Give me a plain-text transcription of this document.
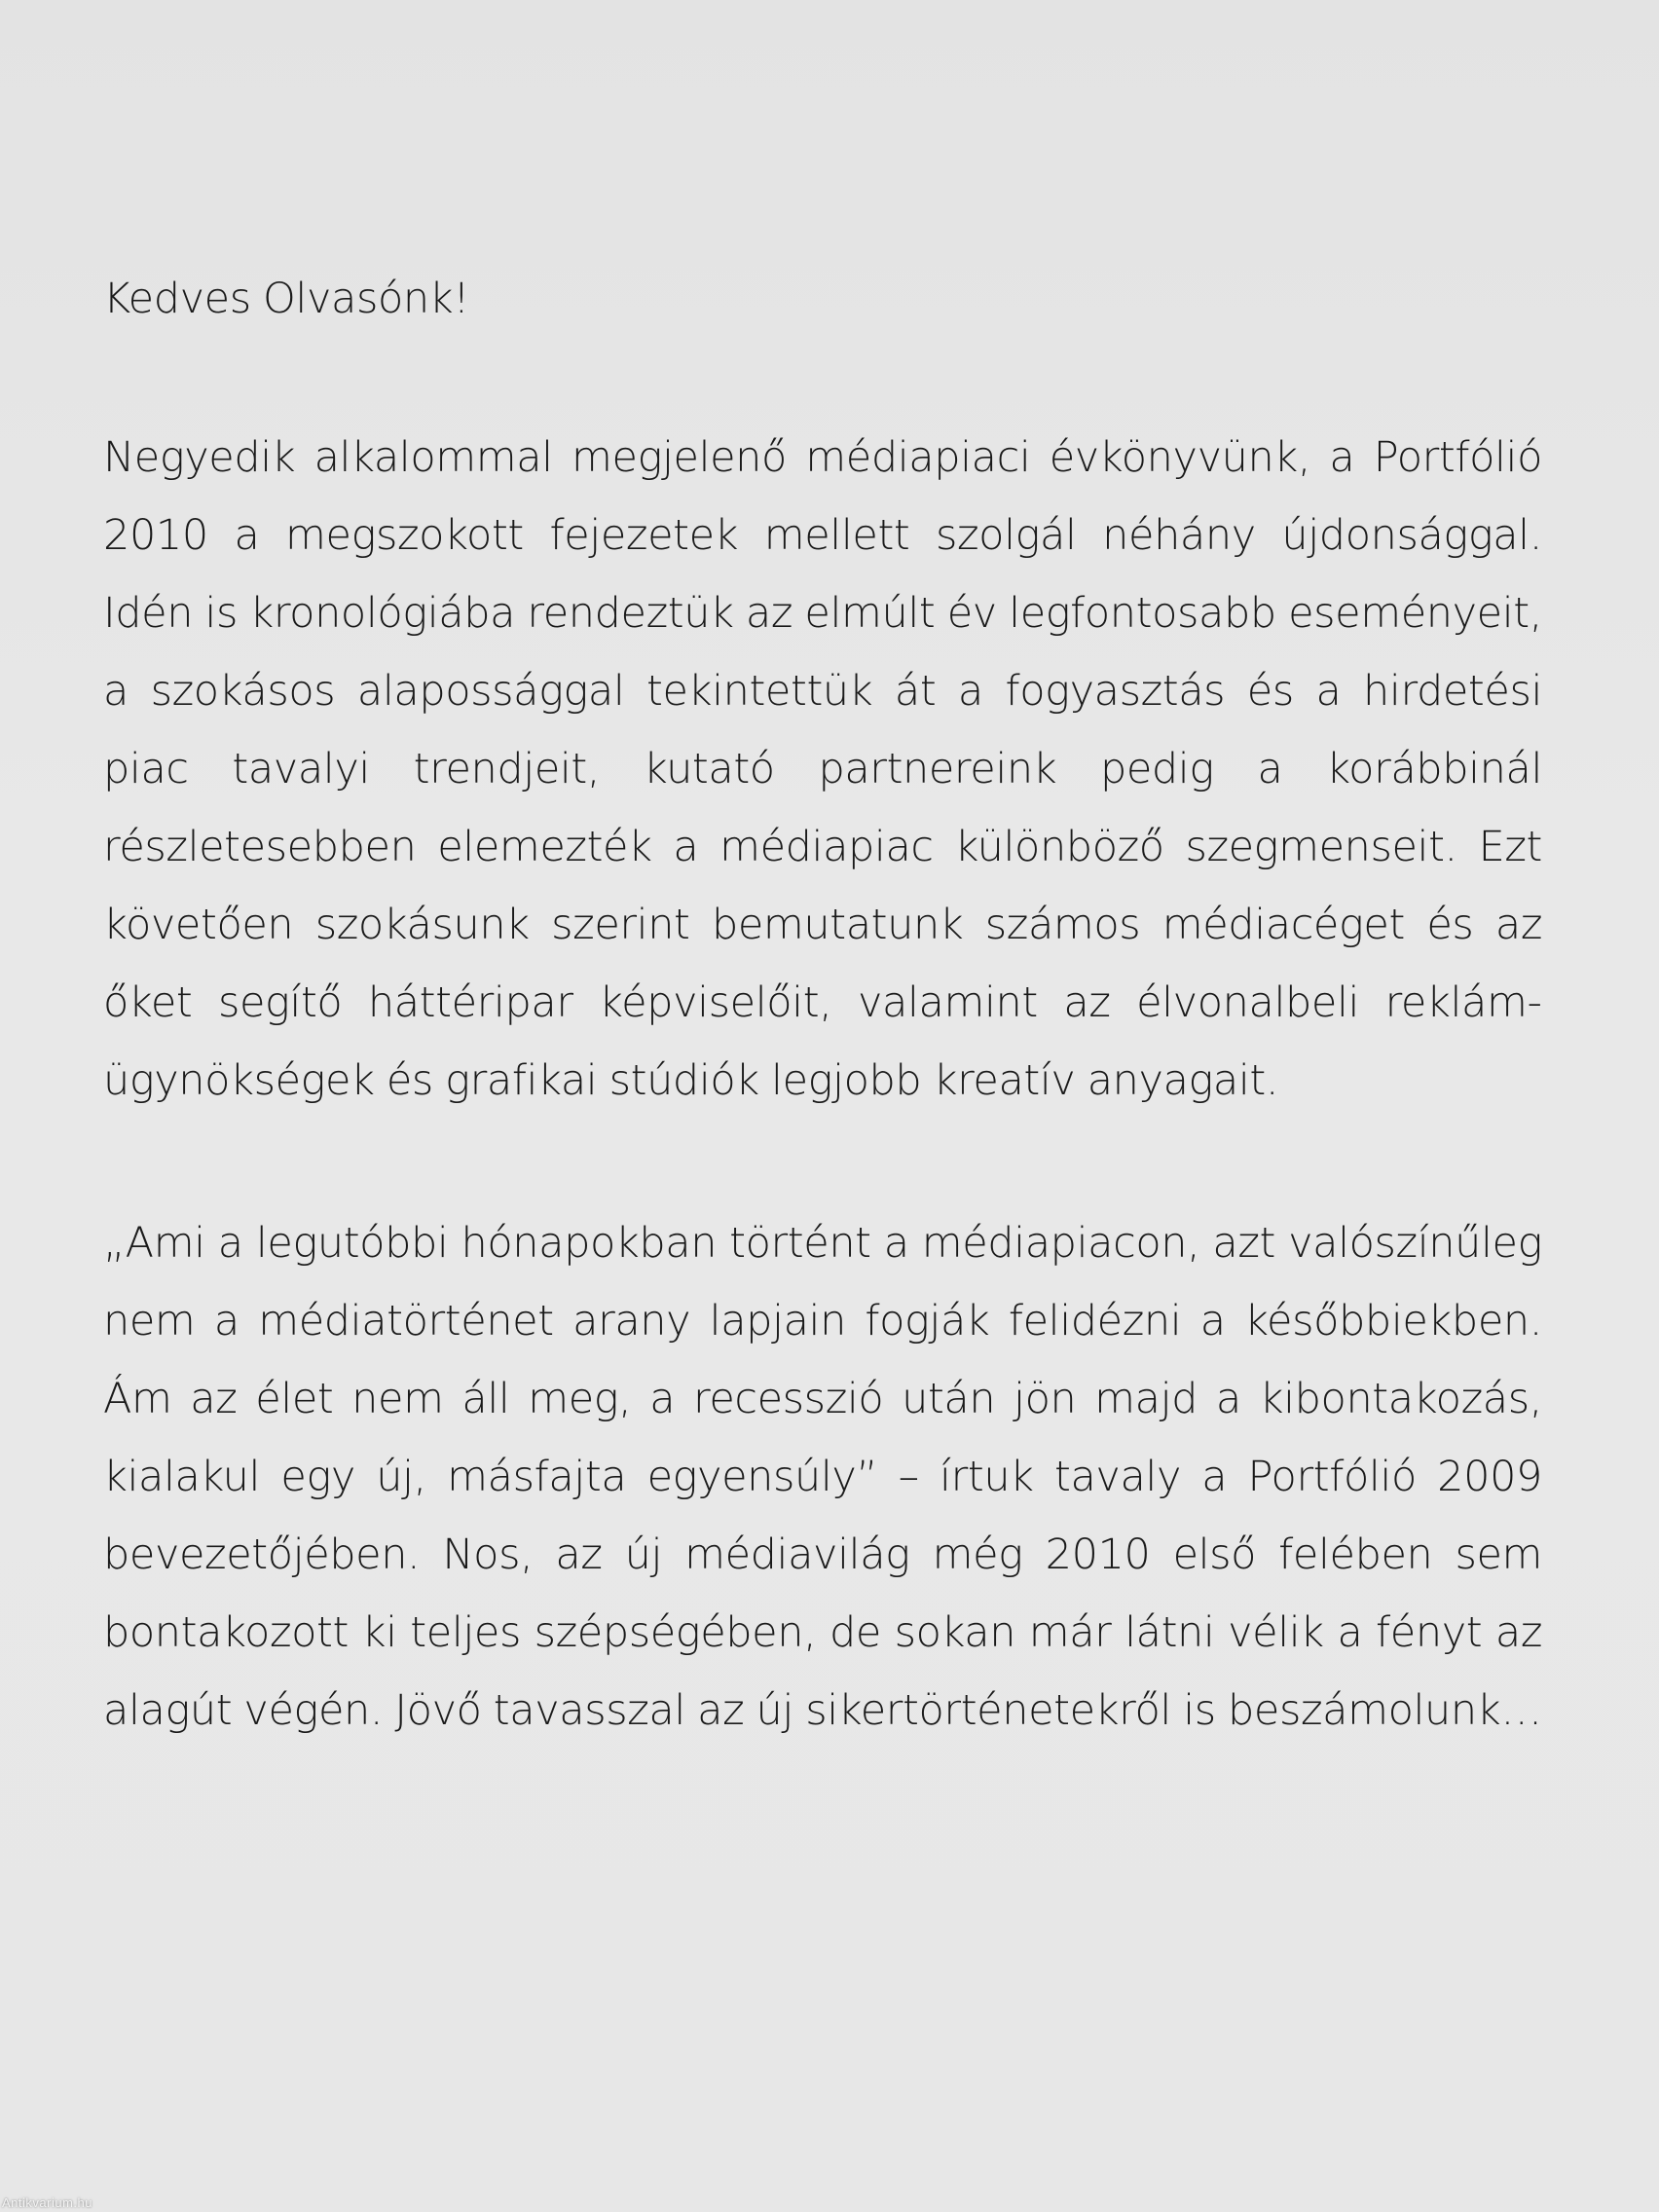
Kedves Olvasónk!
Negyedik alkalommal megjelenő médiapiaci évkönyvünk, a Portfólió 2010 a megszokott fejezetek mellett szolgál néhány újdonsággal. Idén is kronológiába rendeztük az elmúlt év legfontosabb eseményeit, a szokásos alapossággal tekintettük át a fogyasztás és a hirdetési piac tavalyi trendjeit, kutató partnereink pedig a korábbinál részletesebben elemezték a médiapiac különböző szegmenseit. Ezt követően szokásunk szerint bemutatunk számos médiacéget és az őket segítő háttéripar képviselőit, valamint az élvonalbeli reklámügynökségek és grafikai stúdiók legjobb kreatív anyagait.
„Ami a legutóbbi hónapokban történt a médiapiacon, azt valószínűleg nem a médiatörténet arany lapjain fogják felidézni a későbbiekben. Ám az élet nem áll meg, a recesszió után jön majd a kibontakozás, kialakul egy új, másfajta egyensúly” – írtuk tavaly a Portfólió 2009 bevezetőjében. Nos, az új médiavilág még 2010 első felében sem bontakozott ki teljes szépségében, de sokan már látni vélik a fényt az alagút végén. Jövő tavasszal az új sikertörténetekről is beszámolunk…
Antikvarium.hu
